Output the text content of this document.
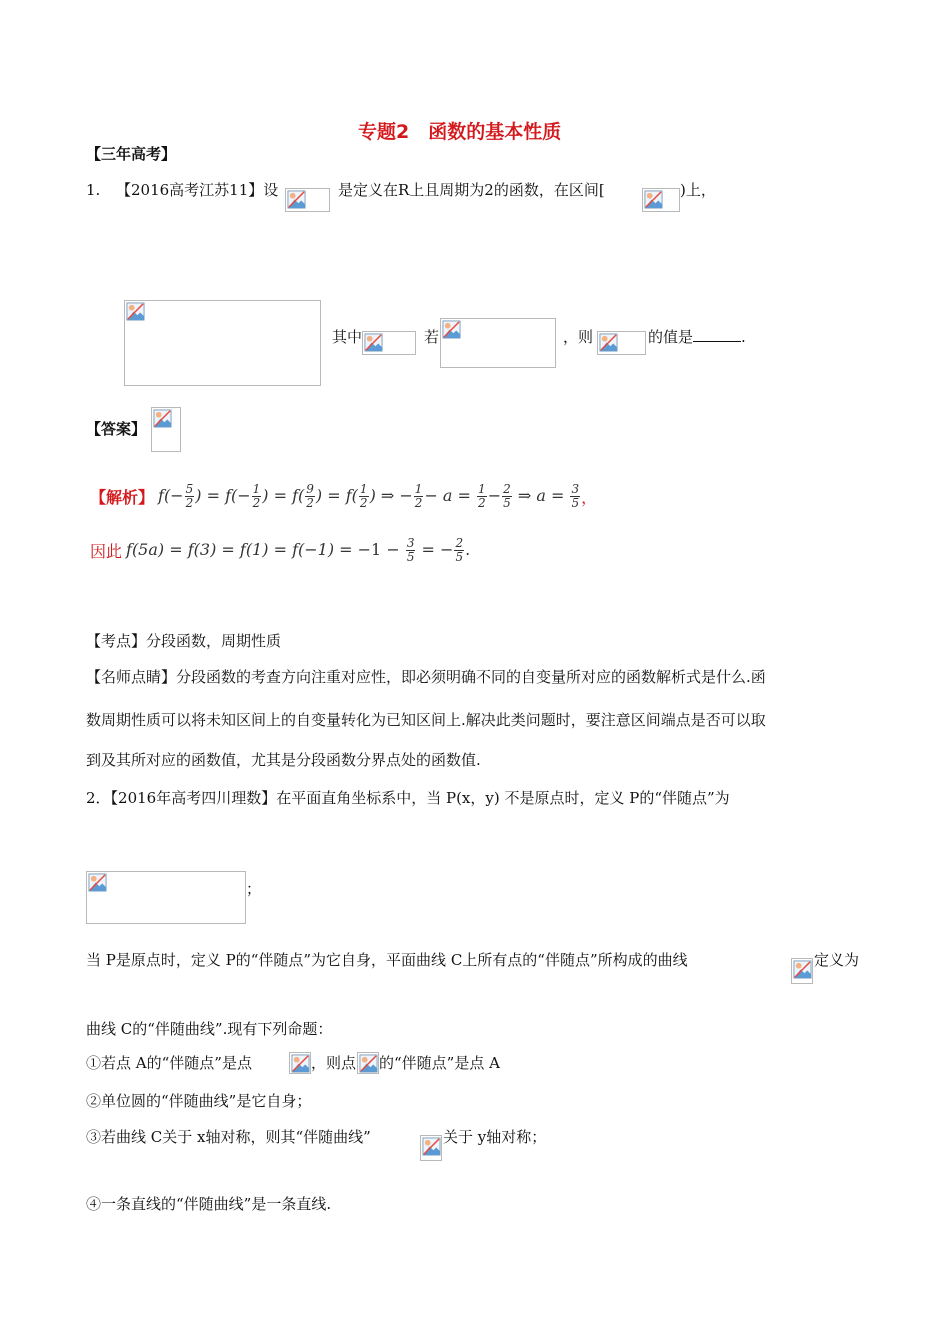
专题2　函数的基本性质
【三年高考】
1. 【2016高考江苏11】设	是定义在R上且周期为2的函数，在区间[	)上，
其中	若	，则	的值是	.
【答案】
【解析】 $f(- \frac{5}{2}$ ) = $f(- \frac{1}{2}$ ) = $f( \frac{9}{2}$ ) = $f( \frac{1}{2}$ ) ⇒ − $\frac{1}{2} - a = \frac{1}{2} - \frac{2}{5}$ ⇒ $a = \frac{3}{5}$ ，
因此 $f(5a) = f(3) = f(1) = f(-1) = -1 - \frac{3}{5}$ = − $\frac{2}{5}$ .
【考点】分段函数，周期性质
【名师点睛】分段函数的考查方向注重对应性，即必须明确不同的自变量所对应的函数解析式是什么.函
数周期性质可以将未知区间上的自变量转化为已知区间上.解决此类问题时，要注意区间端点是否可以取
到及其所对应的函数值，尤其是分段函数分界点处的函数值.
2．【2016年高考四川理数】在平面直角坐标系中，当 P(x，y) 不是原点时，定义 P的“伴随点”为
；
当 P是原点时，定义 P的“伴随点”为它自身，平面曲线 C上所有点的“伴随点”所构成的曲线	定义为
曲线 C的“伴随曲线”.现有下列命题：
①若点 A的“伴随点”是点	，则点 的“伴随点”是点 A
②单位圆的“伴随曲线”是它自身；
③若曲线 C关于 x轴对称，则其“伴随曲线”	关于 y轴对称；
④一条直线的“伴随曲线”是一条直线.
